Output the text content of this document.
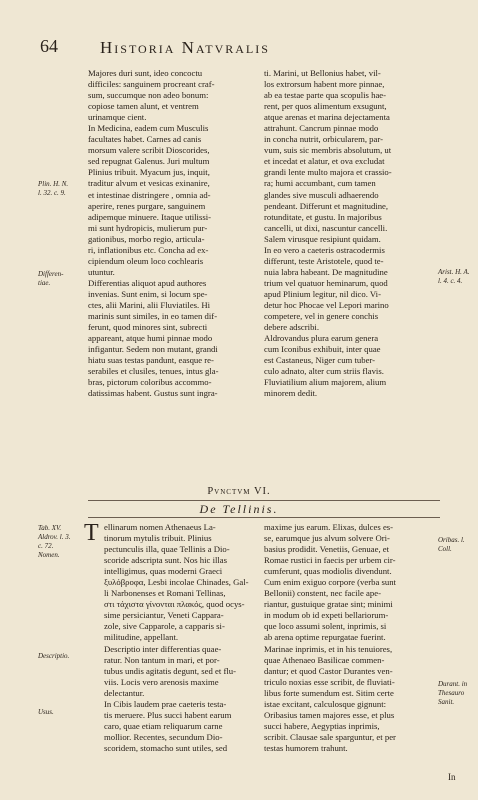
64 Historia Natvralis
Majores duri sunt, ideo concoctu
difficiles: sanguinem procreant craf-
sum, succumque non adeo bonum:
copiose tamen alunt, et ventrem
urinamque cient.
In Medicina, eadem cum Musculis
facultates habet. Carnes ad canis
morsum valere scribit Dioscorides,
sed repugnat Galenus. Juri multum
Plinius tribuit. Myacum jus, inquit,
traditur alvum et vesicas exinanire,
et intestinae distringere , omnia ad-
aperire, renes purgare, sanguinem
adipemque minuere. Itaque utilissi-
mi sunt hydropicis, mulierum pur-
gationibus, morbo regio, articula-
ri, inflationibus etc. Concha ad ex-
cipiendum oleum loco cochlearis
utuntur.
Differentias aliquot apud authores
invenias. Sunt enim, si locum spe-
ctes, alii Marini, alii Fluviatiles. Hi
marinis sunt similes, in eo tamen dif-
ferunt, quod minores sint, subrecti
appareant, atque humi pinnae modo
infigantur. Sedem non mutant, grandi
hiatu suas testas pandunt, easque re-
serabiles et clusiles, tenues, intus gla-
bras, pictorum coloribus accommo-
datissimas habent. Gustus sunt ingra-
ti. Marini, ut Bellonius habet, vil-
los extrorsum habent more pinnae,
ab ea testae parte qua scopulis hae-
rent, per quos alimentum exsugunt,
atque arenas et marina dejectamenta
attrahunt. Cancrum pinnae modo
in concha nutrit, orbicularem, par-
vum, suis sic membris absolutum, ut
et incedat et alatur, et ova excludat
grandi lente multo majora et crassio-
ra; humi accumbant, cum tamen
glandes sive musculi adhaerendo
pendeant. Differunt et magnitudine,
rotunditate, et gustu. In majoribus
cancelli, ut dixi, nascuntur cancelli.
Salem virusque resipiunt quidam.
In eo vero a caeteris ostracodermis
differunt, teste Aristotele, quod te-
nuia labra habeant. De magnitudine
trium vel quatuor heminarum, quod
apud Plinium legitur, nil dico. Vi-
detur hoc Phocae vel Lepori marino
competere, vel in genere conchis
debere adscribi.
Aldrovandus plura earum genera
cum Iconibus exhibuit, inter quae
est Castaneus, Niger cum tuber-
culo adnato, alter cum striis flavis.
Fluviatilium alium majorem, alium
minorem dedit.
Plin. H. N.
l. 32. c. 9.
Differen-
tiae.
Arist. H. A.
l. 4. c. 4.
Pvnctvm VI.
De Tellinis.
T ellinarum nomen Athenaeus La-
tinorum mytulis tribuit. Plinius
pectunculis illa, quae Tellinis a Dio-
scoride adscripta sunt. Nos hic illas
intelligimus, quas moderni Graeci
ξυλόβροφα, Lesbi incolae Chinades, Gal-
li Narbonenses et Romani Tellinas,
στι τάχιστα γίνονται πλακός, quod ocys-
sime persiciantur, Veneti Cappara-
zole, sive Capparole, a capparis si-
militudine, appellant.
Descriptio inter differentias quae-
ratur. Non tantum in mari, et por-
tubus undis agitatis degunt, sed et flu-
viis. Locis vero arenosis maxime
delectantur.
In Cibis laudem prae caeteris testa-
tis meruere. Plus succi habent earum
caro, quae etiam reliquarum carne
mollior. Recentes, secundum Dio-
scoridem, stomacho sunt utiles, sed
maxime jus earum. Elixas, dulces es-
se, earumque jus alvum solvere Ori-
basius prodidit. Venetiis, Genuae, et
Romae rustici in faecis per urbem cir-
cumferunt, quas modiolis divendunt.
Cum enim exiguo corpore (verba sunt
Bellonii) constent, nec facile ape-
riantur, gustuique gratae sint; minimi
in modum ob id expeti bellariorum-
que loco assumi solent, inprimis, si
ab arena optime repurgatae fuerint.
Marinae inprimis, et in his tenuiores,
quae Athenaeo Basilicae commen-
dantur; et quod Castor Durantes ven-
triculo noxias esse scribit, de fluviati-
libus forte sumendum est. Sitim certe
istae excitant, calculosque gignunt:
Oribasius tamen majores esse, et plus
succi habere, Aegyptias inprimis,
scribit. Clausae sale sparguntur, et per
testas humorem trahunt.
Tab. XV.
Aldrov. l. 3.
c. 72.
Nomen.
Oribas. l.
Coll.
Descriptio.
Durant. in
Thesauro
Sanit.
Usus.
In
